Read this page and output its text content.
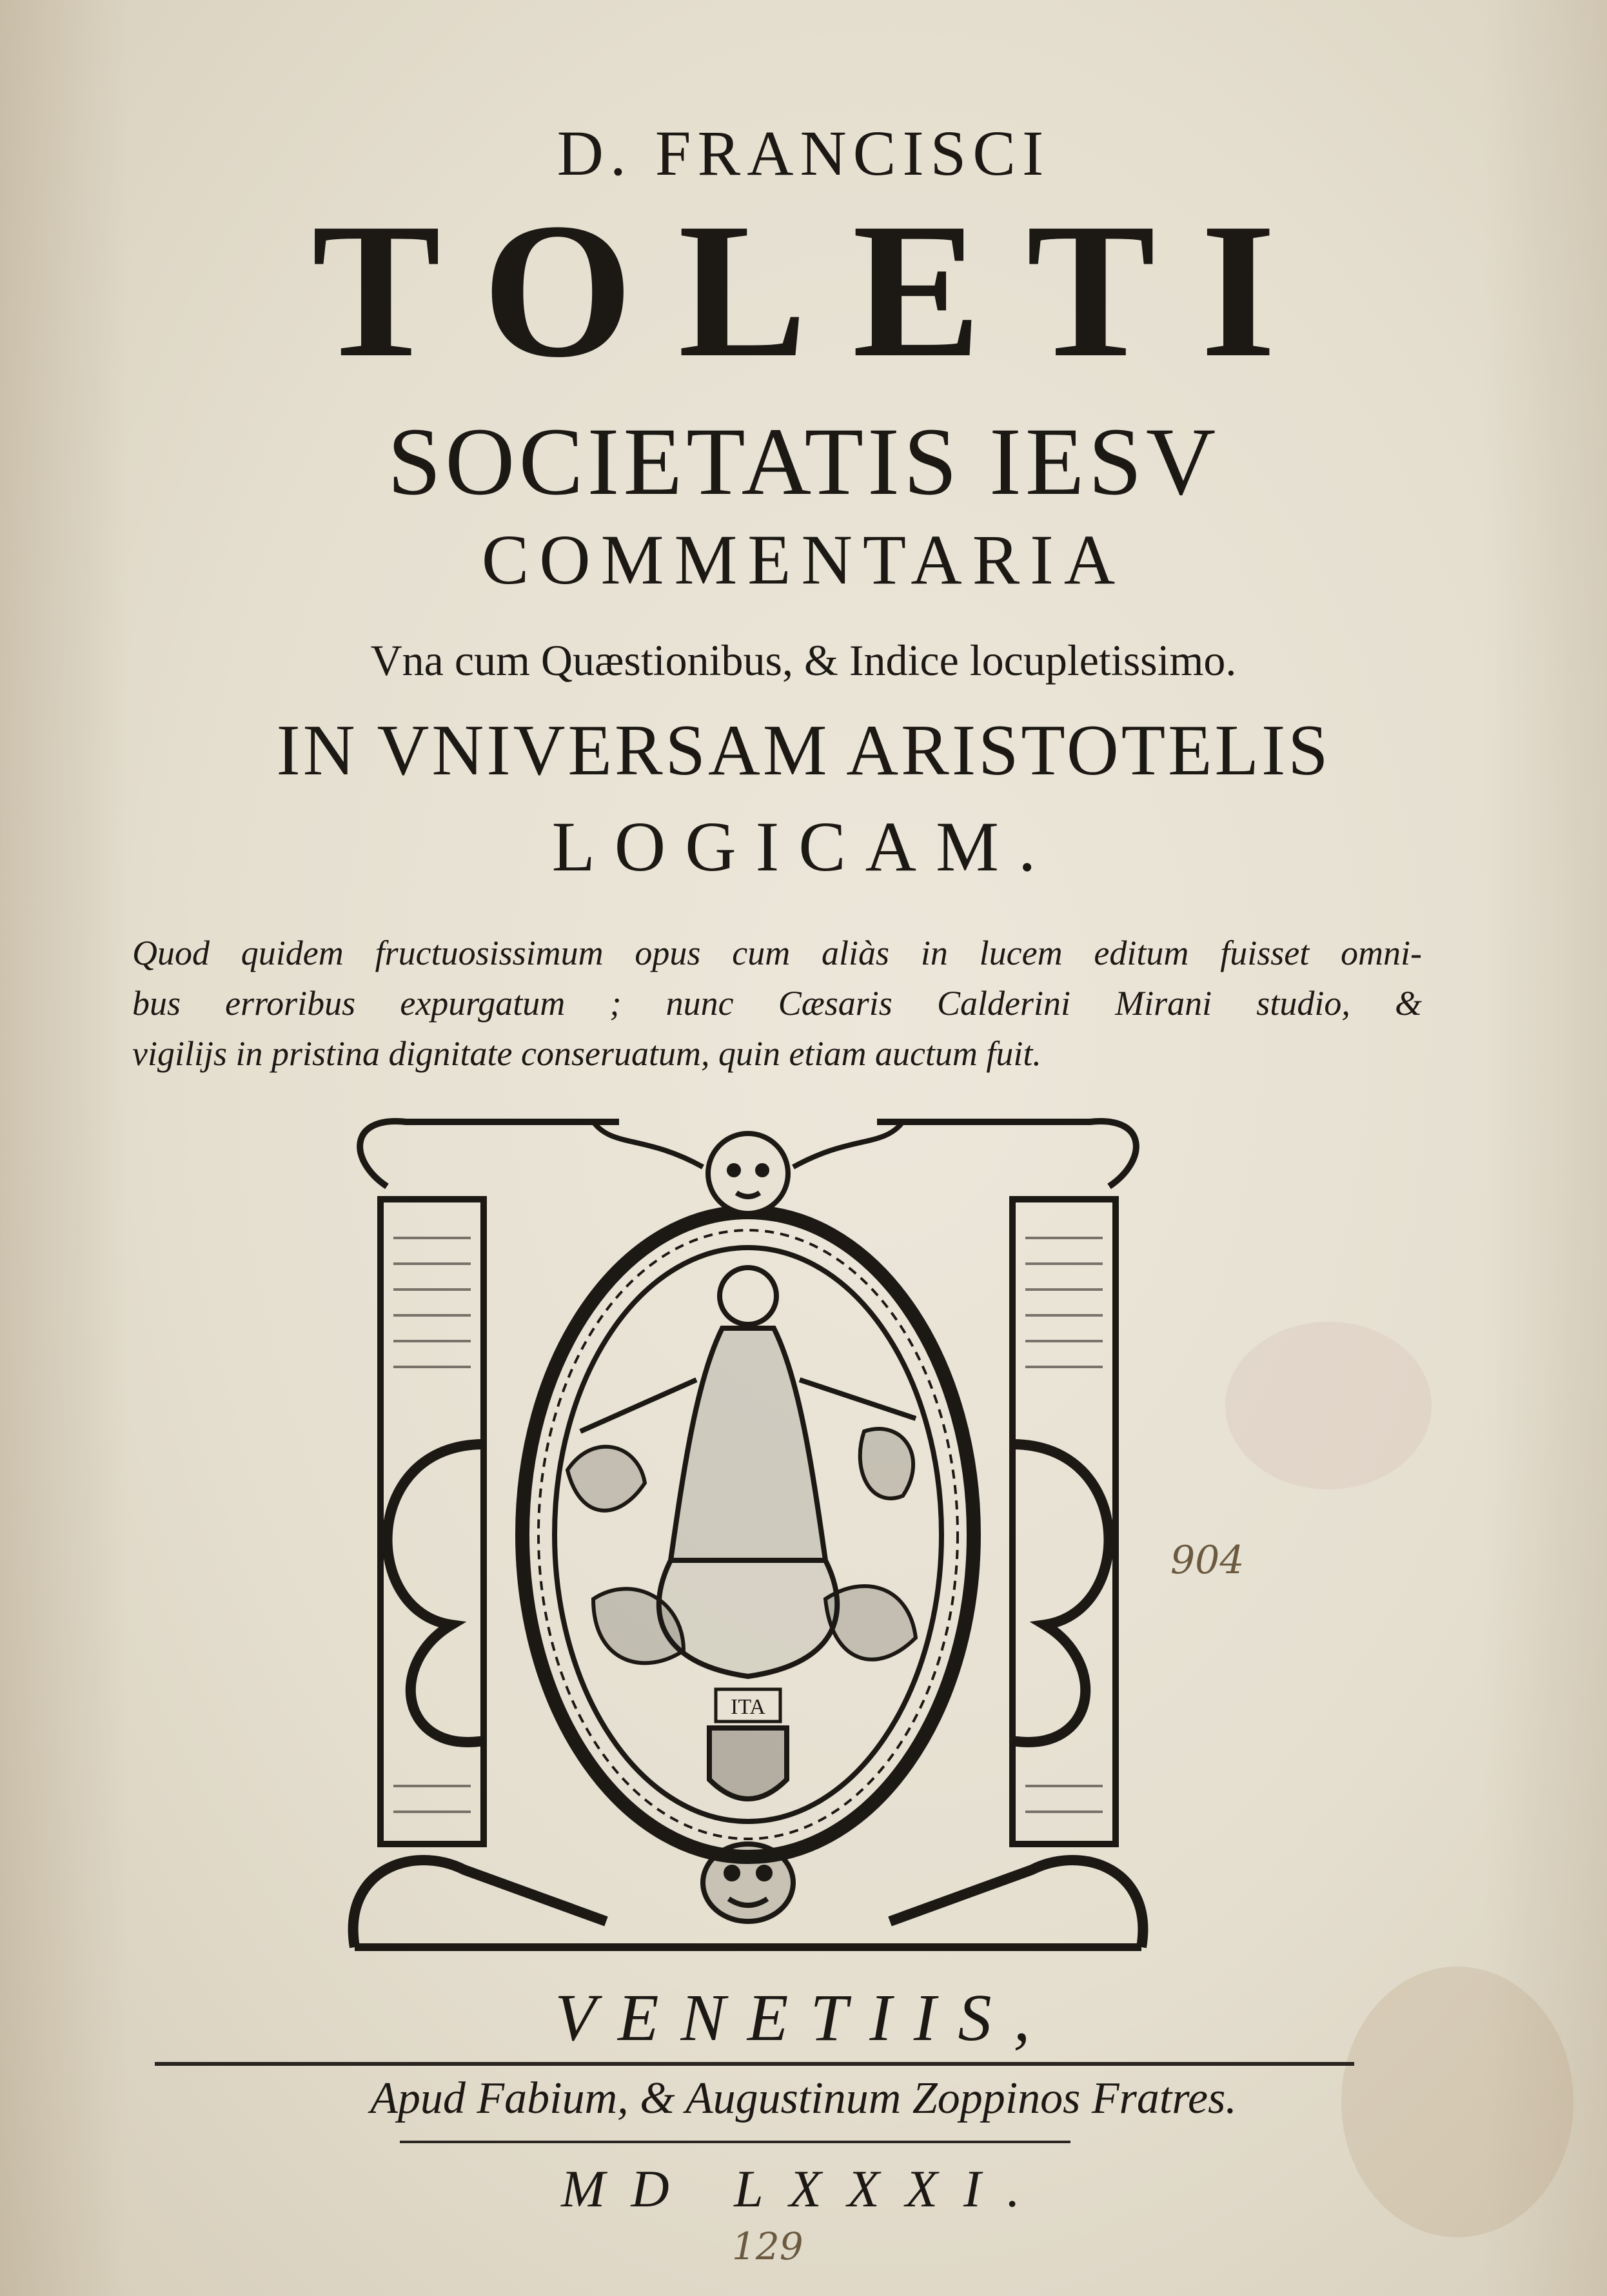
D. FRANCISCI
TOLETI
SOCIETATIS IESV
COMMENTARIA
Vna cum Quæstionibus, & Indice locupletissimo.
IN VNIVERSAM ARISTOTELIS
LOGICAM.
Quod quidem fructuosissimum opus cum aliàs in lucem editum fuisset omni-
bus erroribus expurgatum ; nunc Cæsaris Calderini Mirani studio, &
vigilijs in pristina dignitate conseruatum, quin etiam auctum fuit.
ITA
VENETIIS,
Apud Fabium, & Augustinum Zoppinos Fratres.
MD LXXXI.
904
129
